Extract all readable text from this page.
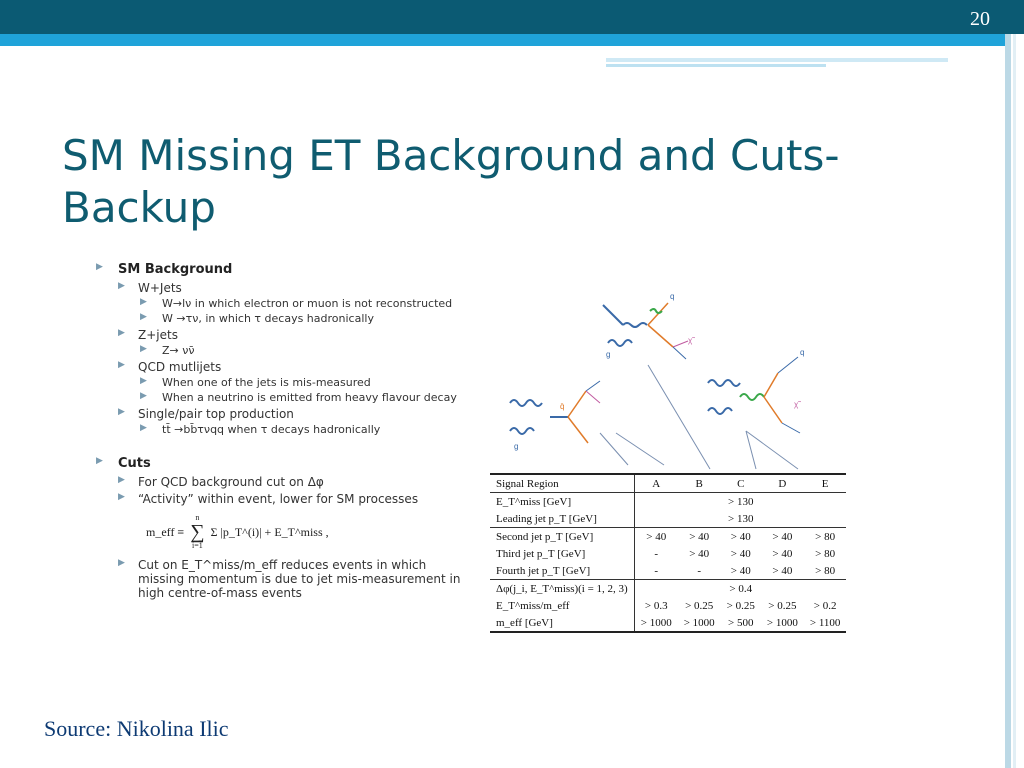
20
SM Missing ET Background and Cuts- Backup
▶ SM Background
▶ W+Jets
▶ W→lν in which electron or muon is not reconstructed
▶ W →τν, in which τ decays hadronically
▶ Z+jets
▶ Z→ νν̄
▶ QCD mutlijets
▶ When one of the jets is mis-measured
▶ When a neutrino is emitted from heavy flavour decay
▶ Single/pair top production
▶ tt̄ →bb̄τνqq when τ decays hadronically
▶ Cuts
▶ For QCD background cut on Δφ
▶ “Activity” within event, lower for SM processes
m_eff ≡
n
∑
i=1
Σ |p_T^(i)| + E_T^miss ,
▶ Cut on E_T^miss/m_eff reduces events in which missing momentum is due to jet mis-measurement in high centre-of-mass events
q
g
χ̃
q̄
g
q
χ̃
Signal Region	A	B	C	D	E
E_T^miss [GeV]			> 130		
Leading jet p_T [GeV]			> 130		
Second jet p_T [GeV]	> 40	> 40	> 40	> 40	> 80
Third jet p_T [GeV]	-	> 40	> 40	> 40	> 80
Fourth jet p_T [GeV]	-	-	> 40	> 40	> 80
Δφ(j_i, E_T^miss)(i = 1, 2, 3)			> 0.4		
E_T^miss/m_eff	> 0.3	> 0.25	> 0.25	> 0.25	> 0.2
m_eff [GeV]	> 1000	> 1000	> 500	> 1000	> 1100
Source: Nikolina Ilic
